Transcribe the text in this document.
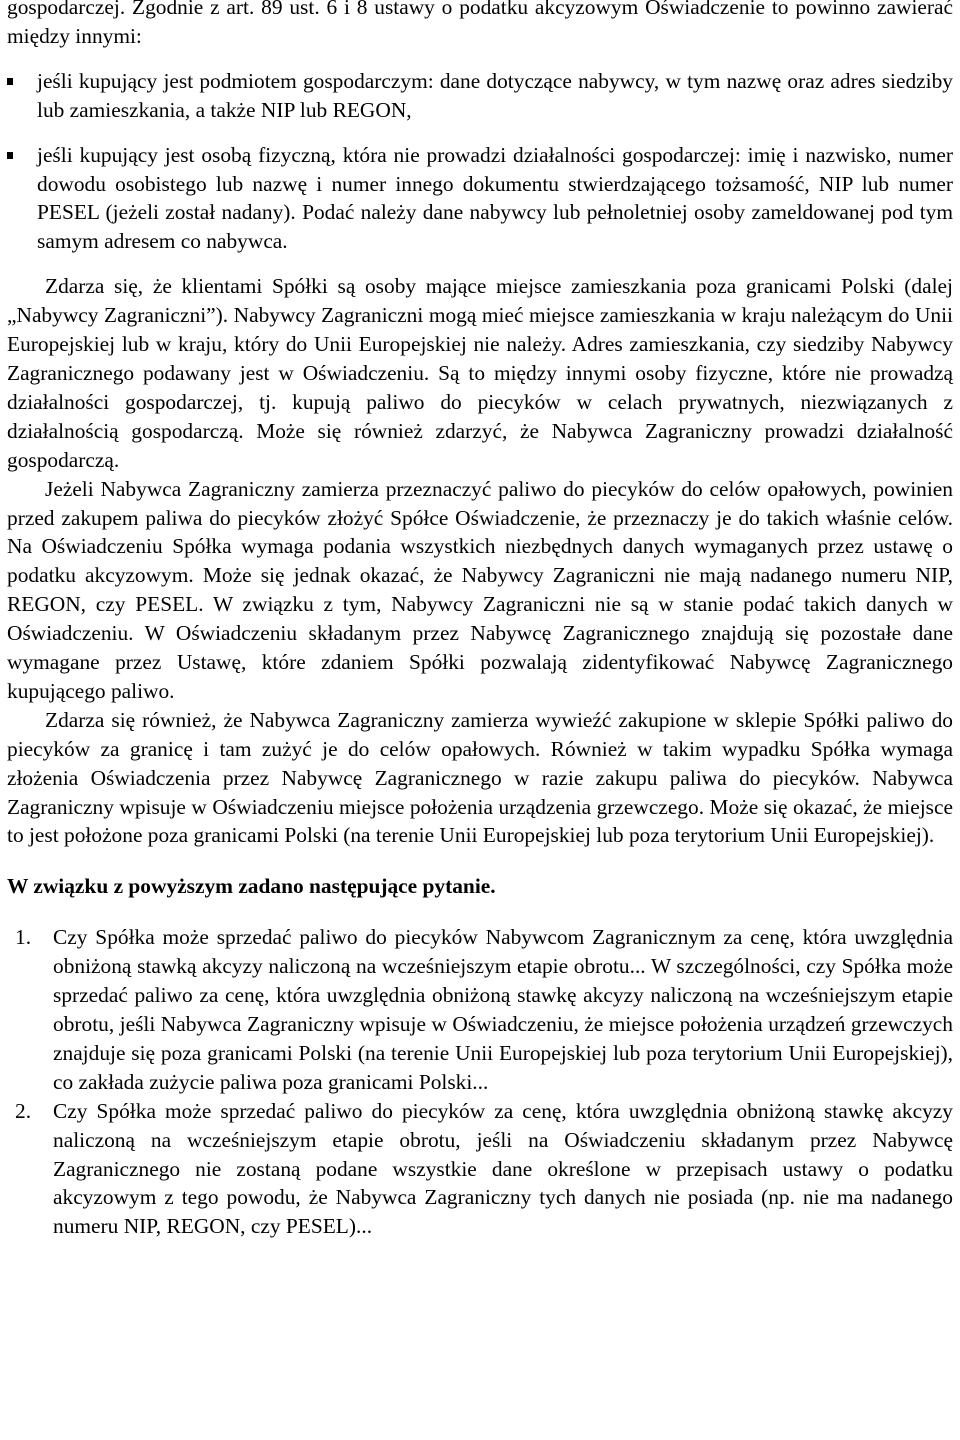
gospodarczej. Zgodnie z art. 89 ust. 6 i 8 ustawy o podatku akcyzowym Oświadczenie to powinno zawierać między innymi:

jeśli kupujący jest podmiotem gospodarczym: dane dotyczące nabywcy, w tym nazwę oraz adres siedziby lub zamieszkania, a także NIP lub REGON,
jeśli kupujący jest osobą fizyczną, która nie prowadzi działalności gospodarczej: imię i nazwisko, numer dowodu osobistego lub nazwę i numer innego dokumentu stwierdzającego tożsamość, NIP lub numer PESEL (jeżeli został nadany). Podać należy dane nabywcy lub pełnoletniej osoby zameldowanej pod tym samym adresem co nabywca.

Zdarza się, że klientami Spółki są osoby mające miejsce zamieszkania poza granicami Polski (dalej „Nabywcy Zagraniczni”). Nabywcy Zagraniczni mogą mieć miejsce zamieszkania w kraju należącym do Unii Europejskiej lub w kraju, który do Unii Europejskiej nie należy. Adres zamieszkania, czy siedziby Nabywcy Zagranicznego podawany jest w Oświadczeniu. Są to między innymi osoby fizyczne, które nie prowadzą działalności gospodarczej, tj. kupują paliwo do piecyków w celach prywatnych, niezwiązanych z działalnością gospodarczą. Może się również zdarzyć, że Nabywca Zagraniczny prowadzi działalność gospodarczą.

Jeżeli Nabywca Zagraniczny zamierza przeznaczyć paliwo do piecyków do celów opałowych, powinien przed zakupem paliwa do piecyków złożyć Spółce Oświadczenie, że przeznaczy je do takich właśnie celów. Na Oświadczeniu Spółka wymaga podania wszystkich niezbędnych danych wymaganych przez ustawę o podatku akcyzowym. Może się jednak okazać, że Nabywcy Zagraniczni nie mają nadanego numeru NIP, REGON, czy PESEL. W związku z tym, Nabywcy Zagraniczni nie są w stanie podać takich danych w Oświadczeniu. W Oświadczeniu składanym przez Nabywcę Zagranicznego znajdują się pozostałe dane wymagane przez Ustawę, które zdaniem Spółki pozwalają zidentyfikować Nabywcę Zagranicznego kupującego paliwo.

Zdarza się również, że Nabywca Zagraniczny zamierza wywieźć zakupione w sklepie Spółki paliwo do piecyków za granicę i tam zużyć je do celów opałowych. Również w takim wypadku Spółka wymaga złożenia Oświadczenia przez Nabywcę Zagranicznego w razie zakupu paliwa do piecyków. Nabywca Zagraniczny wpisuje w Oświadczeniu miejsce położenia urządzenia grzewczego. Może się okazać, że miejsce to jest położone poza granicami Polski (na terenie Unii Europejskiej lub poza terytorium Unii Europejskiej).

W związku z powyższym zadano następujące pytanie.

1. Czy Spółka może sprzedać paliwo do piecyków Nabywcom Zagranicznym za cenę, która uwzględnia obniżoną stawką akcyzy naliczoną na wcześniejszym etapie obrotu... W szczególności, czy Spółka może sprzedać paliwo za cenę, która uwzględnia obniżoną stawkę akcyzy naliczoną na wcześniejszym etapie obrotu, jeśli Nabywca Zagraniczny wpisuje w Oświadczeniu, że miejsce położenia urządzeń grzewczych znajduje się poza granicami Polski (na terenie Unii Europejskiej lub poza terytorium Unii Europejskiej), co zakłada zużycie paliwa poza granicami Polski...
2. Czy Spółka może sprzedać paliwo do piecyków za cenę, która uwzględnia obniżoną stawkę akcyzy naliczoną na wcześniejszym etapie obrotu, jeśli na Oświadczeniu składanym przez Nabywcę Zagranicznego nie zostaną podane wszystkie dane określone w przepisach ustawy o podatku akcyzowym z tego powodu, że Nabywca Zagraniczny tych danych nie posiada (np. nie ma nadanego numeru NIP, REGON, czy PESEL)...
